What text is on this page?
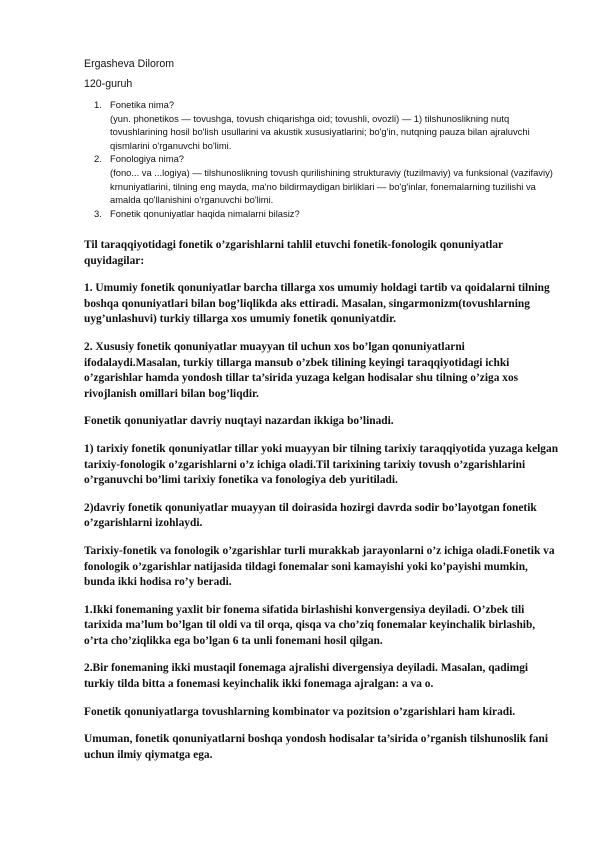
Ergasheva Dilorom
120-guruh
1. Fonetika nima?
(yun. phonetikos — tovushga, tovush chiqarishga oid; tovushli, ovozli) — 1) tilshunoslikning nutq tovushlarining hosil bo'lish usullarini va akustik xususiyatlarini; bo'g'in, nutqning pauza bilan ajraluvchi qismlarini o'rganuvchi bo'limi.
2. Fonologiya nima?
(fono... va ...logiya) — tilshunoslikning tovush qurilishining strukturaviy (tuzilmaviy) va funksional (vazifaviy) krnuniyatlarini, tilning eng mayda, ma'no bildirmaydigan birliklari — bo'g'inlar, fonemalarning tuzilishi va amalda qo'llanishini o'rganuvchi bo'limi.
3. Fonetik qonuniyatlar haqida nimalarni bilasiz?

Til taraqqiyotidagi fonetik o’zgarishlarni tahlil etuvchi fonetik-fonologik qonuniyatlar quyidagilar:

1. Umumiy fonetik qonuniyatlar barcha tillarga xos umumiy holdagi tartib va qoidalarni tilning boshqa qonuniyatlari bilan bog’liqlikda aks ettiradi. Masalan, singarmonizm(tovushlarning uyg’unlashuvi) turkiy tillarga xos umumiy fonetik qonuniyatdir.

2. Xususiy fonetik qonuniyatlar muayyan til uchun xos bo’lgan qonuniyatlarni ifodalaydi.Masalan, turkiy tillarga mansub o’zbek tilining keyingi taraqqiyotidagi ichki o’zgarishlar hamda yondosh tillar ta’sirida yuzaga kelgan hodisalar shu tilning o’ziga xos rivojlanish omillari bilan bog’liqdir.

Fonetik qonuniyatlar davriy nuqtayi nazardan ikkiga bo’linadi.

1) tarixiy fonetik qonuniyatlar tillar yoki muayyan bir tilning tarixiy taraqqiyotida yuzaga kelgan tarixiy-fonologik o’zgarishlarni o’z ichiga oladi.Til tarixining tarixiy tovush o’zgarishlarini o’rganuvchi bo’limi tarixiy fonetika va fonologiya deb yuritiladi.

2)davriy fonetik qonuniyatlar muayyan til doirasida hozirgi davrda sodir bo’layotgan fonetik o’zgarishlarni izohlaydi.

Tarixiy-fonetik va fonologik o’zgarishlar turli murakkab jarayonlarni o’z ichiga oladi.Fonetik va fonologik o’zgarishlar natijasida tildagi fonemalar soni kamayishi yoki ko’payishi mumkin, bunda ikki hodisa ro’y beradi.

1.Ikki fonemaning yaxlit bir fonema sifatida birlashishi konvergensiya deyiladi. O’zbek tili tarixida ma’lum bo’lgan til oldi va til orqa, qisqa va cho’ziq fonemalar keyinchalik birlashib, o’rta cho’ziqlikka ega bo’lgan 6 ta unli fonemani hosil qilgan.

2.Bir fonemaning ikki mustaqil fonemaga ajralishi divergensiya deyiladi. Masalan, qadimgi turkiy tilda bitta a fonemasi keyinchalik ikki fonemaga ajralgan: a va o.

Fonetik qonuniyatlarga tovushlarning kombinator va pozitsion o’zgarishlari ham kiradi.

Umuman, fonetik qonuniyatlarni boshqa yondosh hodisalar ta’sirida o’rganish tilshunoslik fani uchun ilmiy qiymatga ega.
